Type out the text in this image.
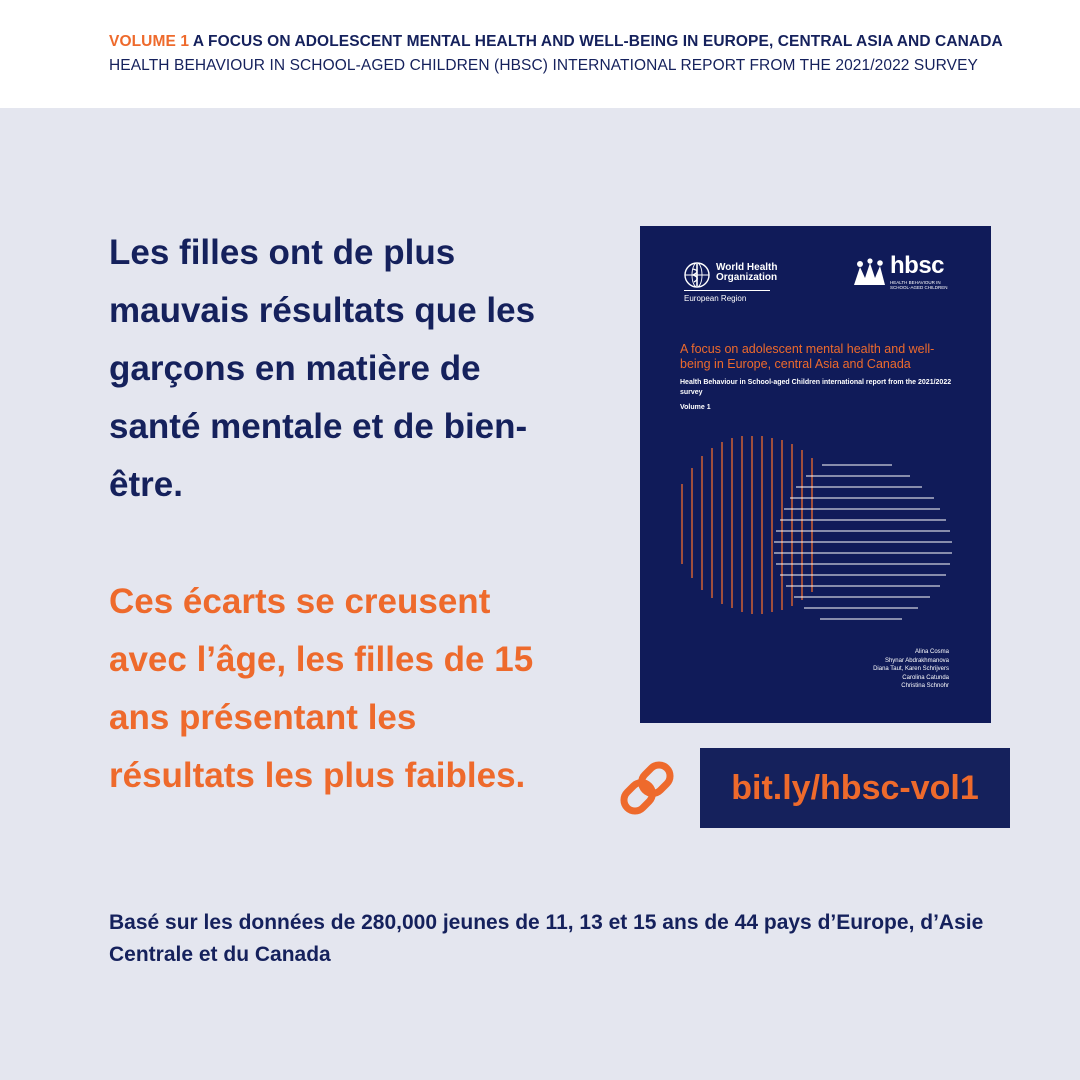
VOLUME 1 A FOCUS ON ADOLESCENT MENTAL HEALTH AND WELL-BEING IN EUROPE, CENTRAL ASIA AND CANADA
HEALTH BEHAVIOUR IN SCHOOL-AGED CHILDREN (HBSC) INTERNATIONAL REPORT FROM THE 2021/2022 SURVEY

Les filles ont de plus mauvais résultats que les garçons en matière de santé mentale et de bien-être.

Ces écarts se creusent avec l’âge, les filles de 15 ans présentant les résultats les plus faibles.

World Health Organization
European Region
hbsc
HEALTH BEHAVIOUR IN SCHOOL-AGED CHILDREN

A focus on adolescent mental health and well-being in Europe, central Asia and Canada

Health Behaviour in School-aged Children international report from the 2021/2022 survey

Volume 1
Alina Cosma
Shynar Abdrakhmanova
Diana Taut, Karen Schrijvers
Carolina Catunda
Christina Schnohr
bit.ly/hbsc-vol1

Basé sur les données de 280,000 jeunes de 11, 13 et 15 ans de 44 pays d’Europe, d’Asie Centrale et du Canada
